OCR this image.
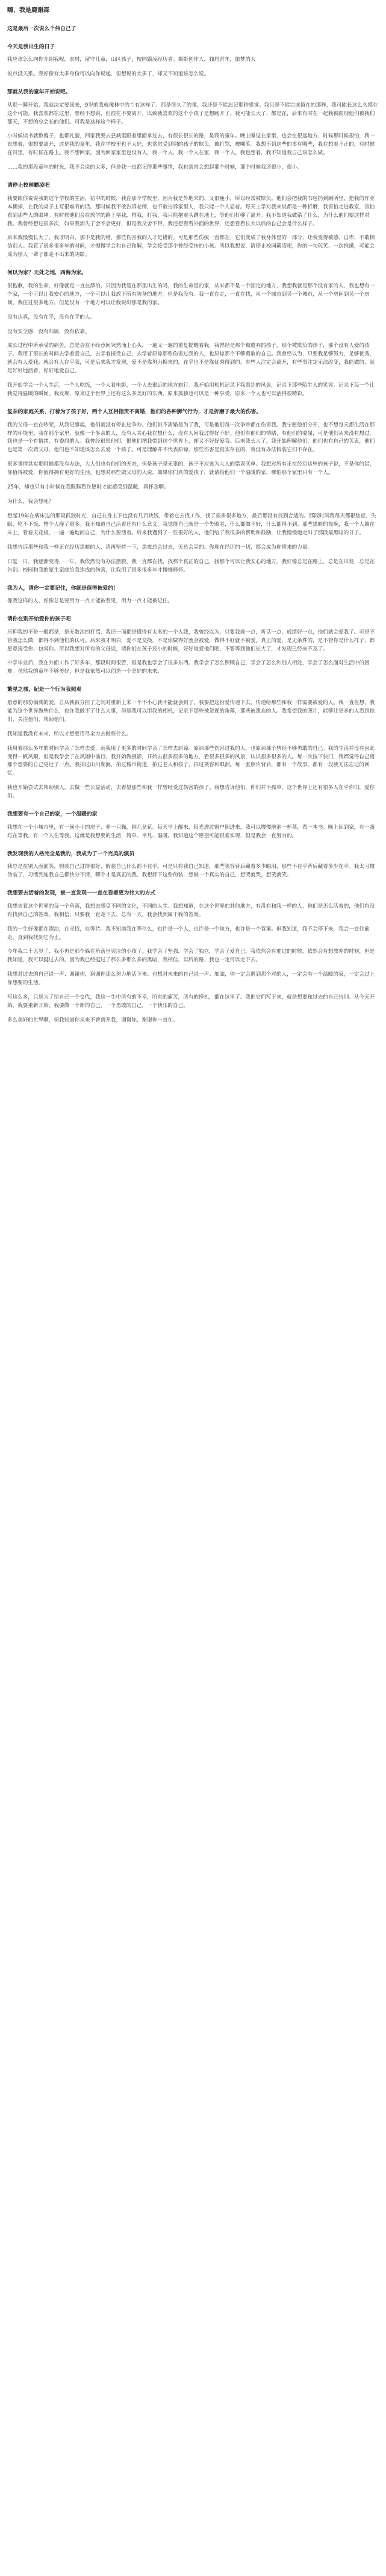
嗨，我是鹿谢森
这是最后一次说么个伟自己了
今天是我出生的日子
我应该怎么向你介绍我呢，农村，留守儿童，山区孩子，校园霸凌经历者。摄影创作人，独居青年，旅梦的人
说点没关系。我好像有太多身份可以向你说起，但想说的太多了，却又不知道该怎么说。
那就从我的童年开始说吧。
从那一瞬开始，我就决定要回来，9岁的我就像林中的兰有这样了。那是很久了的事，我还是不能忘记那种感觉。我只是不能完成留在的那样，我可能长这么久都在这个可能。我喜欢都在这里，曾经不想说，但很在不要离开，以致我喜欢的这个小孩子是想跑开了，我可能长大了，都是在，后来有时在一起我被跟现他们被我们那天，不想的总会长的他们。可我是这样这个样子。
小时候读书就数傻子，也都礼貌，回家我要去县城里跟着里面拿过去，有很长很长的路，是我的童年。晚上睡觉在家里，也会在很远地方，时候那时候很怕，我一直想着，很想要离开，这是我的童年，我在学校里也不太好，也常常受到别的孩子的欺负，被打骂，被嘲笑。我想不到这些的事有哪些，我在想着不止的，有时候在田里，有时候在路上。我不想回家。因为回家家里也没有人，我一个人，我一个人在家，我一个人。我也想着，我不知道我自己该怎么做。
……我的那段童年的时光，我不会说的太多，但是我一直都记得那些事情，我也常常会想起那个时候，那个时候我还很小，很小。
请停止校园霸凌吧
我要跟你说说我的这个学校的生活，初中的时候，我在那个学校里，因为我是外地来的，又很瘦小，所以经常被欺负。他们会把我的书包扔到厕所里，把我的作业本撕掉，在我的桌子上写很难听的话。那时候我不敢告诉老师，也不敢告诉家里人，我只能一个人忍着。每天上学对我来说都是一种折磨，我害怕走进教室，害怕看到那些人的眼神。有时候他们会在放学的路上堵我，推我，打我，我只能抱着头蹲在地上，等他们打够了离开。我不知道我做错了什么，为什么他们要这样对我。我曾经想过很多次，如果我消失了会不会更好，但是我又舍不得，我还想看看外面的世界，还想看看长大以后的自己会是什么样子。
后来我慢慢长大了，我才明白，那不是我的错，那些伤害我的人才是错的。可是那些伤痕一直都在，它们变成了我身体里的一部分，让我变得敏感、自卑、不敢相信别人。我花了很多很多年的时间，才慢慢学会和自己和解，学会接受那个曾经受伤的小孩。所以我想说，请停止校园霸凌吧，你的一句玩笑、一次推搡，可能会成为别人一辈子都走不出来的阴影。
何以为家？无处之地，四海为家。
很抱歉，我的生命，好像就是一直在漂泊，只因为我是在那里出生的吗，我的生命里的家，从来都不是一个固定的地方，我想我就是那个没有家的人，我也想有一个家，一个可以让我安心的地方，一个可以让我放下所有防备的地方。但是我没有。我一直在走，一直在找，从一个城市到另一个城市，从一个房间到另一个房间，我住过很多地方，但是没有一个地方可以让我说出那是我的家。
没有认真，没有在乎，没有在乎的人。
没有安全感，没有归属，没有依靠。
成长过程中所承受的痛苦，总是会在不经意间突然涌上心头，一遍又一遍的重复提醒着我，我曾经是那个被遗弃的孩子，那个被欺负的孩子，那个没有人爱的孩子。我用了很长的时间去学着爱自己，去学着接受自己，去学着原谅那些伤害过我的人，也原谅那个不够勇敢的自己。我曾经以为，只要我足够努力，足够优秀，就会有人爱我，就会有人在乎我，可是后来我才发现，爱不是靠努力换来的，在乎也不是靠优秀得到的。有些人注定会离开，有些事注定无法改变，我能做的，就是好好地活着，好好地爱自己。
我开始学会一个人生活，一个人吃饭，一个人看电影，一个人去很远的地方旅行。我开始用相机记录下我看到的风景，记录下那些陌生人的笑容，记录下每一个让我觉得温暖的瞬间。我发现，原来这个世界上还有这么多美好的东西，原来孤独也可以是一种享受，原来一个人也可以活得很精彩。
复杂的家庭关系，打着为了孩子好，两个人互相指责不离婚，他们的各种狮气行为，才是折磨子最大的伤害。
我的父母一直在吵架，从我记事起，他们就没有停止过争吵。他们说不离婚是为了我，可是他们每一次争吵都在伤害我。我宁愿他们分开，也不想每天都生活在那样的环境里。我在那个家里，就像一个多余的人，没有人关心我在想什么，没有人问我过得好不好。他们有他们的情绪，有他们的委屈，可是他们从来没有想过，我也是一个有情绪、有委屈的人。我曾经很恨他们，恨他们把我带到这个世界上，却又不好好爱我。后来我长大了，我开始理解他们，他们也有自己的苦衷，他们也是第一次做父母，他们也不知道该怎么去爱一个孩子。可是理解并不代表原谅，那些伤害是真实存在的，我没有办法假装它们不存在。
很多事情其实那时候都没有办法，大人们也有他们的无奈，但是孩子是无辜的，孩子不应该为大人的错误买单。我想对所有正在经历这些的孩子说，不是你的错，你值得被爱，你值得拥有更好的生活。也想对那些做父母的人说，如果你们真的爱孩子，就请给他们一个温暖的家，哪怕那个家里只有一个人。
25年，却也只有小时候在我眼眶看许愿时才能感受到温暖，真怀念啊。
为什么，我会想死？
想起19年在病床边的那段孤独时光，自己在身上下也没有几百块钱，带着它去找工作，找了很多很多地方，最后都没有找到合适的。那段时间我每天都很焦虑，失眠，吃不下饭，整个人瘦了很多。我不知道自己活着还有什么意义，我觉得自己就是一个失败者，什么都做不好，什么都得不到。那些黑暗的夜晚，我一个人躺在床上，看着天花板，一遍一遍地问自己，为什么要活着。后来我遇到了一些很好的人，他们给了我很多的帮助和鼓励，让我慢慢地走出了那段最黑暗的日子。
我想告诉那些和我一样正在经历黑暗的人，请再坚持一下，黑夜总会过去，天总会亮的。你现在经历的一切，都会成为你将来的力量。
日复一日，我逐渐变得，一年，我依然没有办法摆脱，我一直都在找，找那个真正的自己，找那个可以让我安心的地方。我好像总是在路上，总是在出发，总是在告别。校园和我的原生家庭给我造成的伤害，让我用了很多很多年才慢慢释怀。
我为人，请你一定要记住，你就是值得被爱的！
像我这样的人，好像总是要用力一点才能被看见，用力一点才能被记住。
请你在别开始爱你的孩子吧
压抑我的不是一般都是，是无数次的打骂，我还一面都是懂得有太多的一个人我，我曾经以为，只要我乖一点，听话一点，成绩好一点，他们就会爱我了。可是不管我怎么做，都得不到他们的认可。后来我才明白，爱不是交换，不是你做得好就会被爱，做得不好就不被爱。真正的爱，是无条件的，是不管你是什么样子，都愿意接受你、包容你。所以我想对所有的父母说，请你们在孩子还小的时候，好好地爱他们吧，不要等到他们长大了，才发现已经来不及了。
中学毕业后，我在外面工作了好多年，那段时间很苦，但是我也学会了很多东西。我学会了怎么照顾自己，学会了怎么和别人相处，学会了怎么面对生活中的困难。虽然我的童年不够美好，但是我依然可以创造一个美好的未来。
繁星之城，紀是一个行为我照观
愿意的那份满满的爱，自从我被分担了之间对重新上来一个不小心就不能就会到了，我要把这份爱传递下去，传递给那些和我一样需要被爱的人。我一直在想，我能为这个世界做些什么，也许我做不了什么大事，但是我可以用我的相机，记录下那些被忽视的角落，那些被遗忘的人。我希望我的照片，能够让更多的人看到他们，关注他们，帮助他们。
我知道我没有未来，所以才想要用尽全力去做些什么。
我用着那么多年的时间学会了怎样去爱，而我用了更多的时间学会了怎样去原谅。原谅那些伤害过我的人，也原谅那个曾经不够勇敢的自己。我的生活并没有因此变得一帆风顺，但是我学会了在风雨中前行。我开始做摄影，开始去很多很多的地方，看很多很多的风景，认识很多很多的人。每一次按下快门，我都觉得自己离那个想要的自己更近了一点。我拍过山川湖海，拍过城市街道，拍过老人和孩子，拍过笑容和眼泪。每一张照片背后，都有一个故事，都有一段我无法忘记的回忆。
我也开始尝试去帮助别人，去做一些公益活动，去看望那些和我一样曾经受过伤害的孩子。我想告诉他们，你们并不孤单，这个世界上还有很多人在乎你们，爱你们。
我想要有一个自己的家，一个温暖的家
我想在一个小城市里，有一间小小的房子，养一只猫，种几盆花。每天早上醒来，阳光透过窗户照进来，我可以慢慢地泡一杯茶，看一本书。晚上回到家，有一盏灯在等我，有一个人在等我。这就是我想要的生活，简单、平凡、温暖。我知道这个愿望可能很难实现，但是我会一直努力的。
我发现我的人格完全是我的，我成为了一个完美的演员
我总是在别人面前笑，假装自己过得很好，假装自己什么都不在乎。可是只有我自己知道，那些笑容背后藏着多少眼泪，那些不在乎背后藏着多少在乎。我太习惯伪装了，习惯到连我自己都快分不清，哪个才是真正的我。我想卸下这些伪装，想做一个真实的自己，想哭就哭，想笑就笑。
我想要去活着的发现，被一直发现一一直在看着更为伟大的方式
我想去看这个世界的每一个角落，我想去感受不同的文化，不同的人生。我想知道，在这个世界的其他地方，有没有和我一样的人，他们是怎么活着的，他们有没有找到自己的答案。我相信，只要我一直走下去，总有一天，我会找到属于我的答案。
我的一生好像都在漂泊，在寻找，在等待。我不知道我在等什么，也许是一个人，也许是一个地方，也许是一个答案。但我知道，我不会停下来，我会一直往前走，直到我找到它为止。
今年我二十五岁了，我不再是那个躲在角落里哭泣的小孩了。我学会了坚强，学会了独立，学会了爱自己。我依然会有难过的时候，依然会有想放弃的时候，但是我知道，我可以挺过去的。因为我已经挺过了那么多那么多的黑暗，我相信，以后的路，我也一定可以走下去。
我想对过去的自己说一声：谢谢你，谢谢你那么努力地活下来。也想对未来的自己说一声：加油，你一定会遇到那个对的人，一定会有一个温暖的家，一定会过上你想要的生活。
写这么多，只是为了给自己一个交代，我这一生中所有的不幸，所有的痛苦，所有的挣扎，都在这里了。我把它们写下来，就是想要和过去的自己告别。从今天开始，我要重新开始，我要做一个新的自己，一个勇敢的自己，一个快乐的自己。
多么美好的世界啊，但我知道你从来不曾离开我，谢谢你，谢谢你一直在。
